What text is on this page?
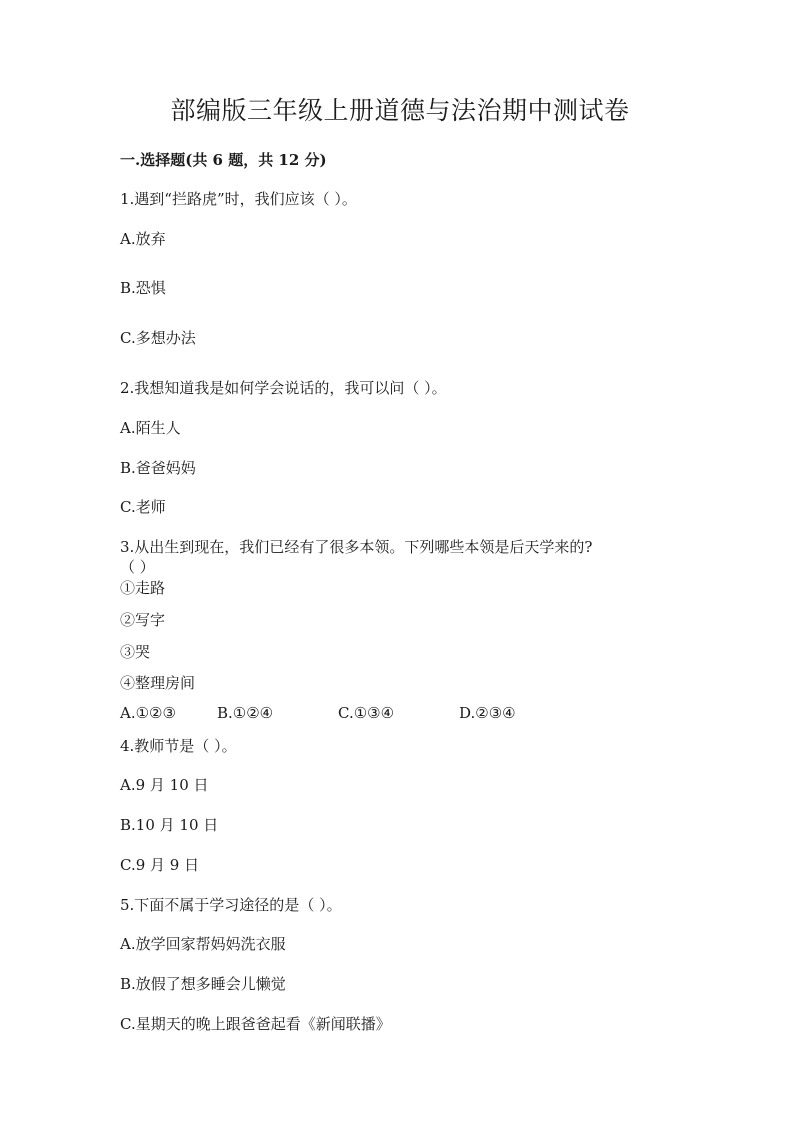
部编版三年级上册道德与法治期中测试卷
一.选择题(共 6 题，共 12 分)
1.遇到“拦路虎”时，我们应该（ ）。
A.放弃
B.恐惧
C.多想办法
2.我想知道我是如何学会说话的，我可以问（ ）。
A.陌生人
B.爸爸妈妈
C.老师
3.从出生到现在，我们已经有了很多本领。下列哪些本领是后天学来的?
（ ）
①走路
②写字
③哭
④整理房间
A.①②③	B.①②④	C.①③④	D.②③④
4.教师节是（ ）。
A.9 月 10 日
B.10 月 10 日
C.9 月 9 日
5.下面不属于学习途径的是（ ）。
A.放学回家帮妈妈洗衣服
B.放假了想多睡会儿懒觉
C.星期天的晚上跟爸爸起看《新闻联播》
